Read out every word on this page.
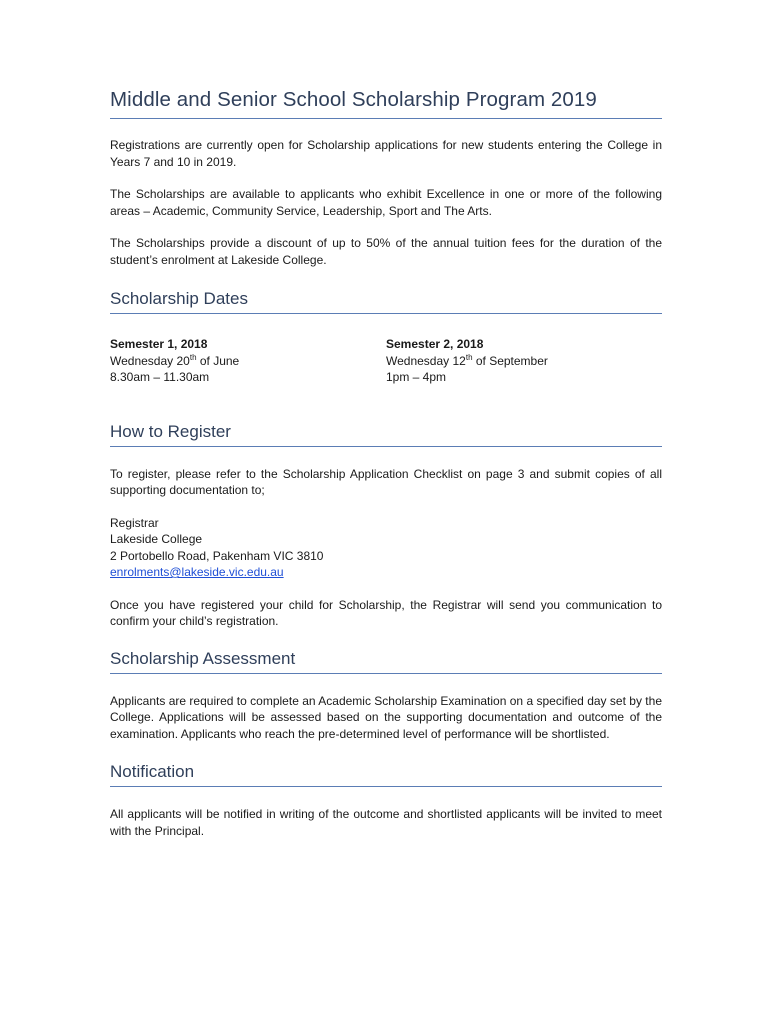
Middle and Senior School Scholarship Program 2019

Registrations are currently open for Scholarship applications for new students entering the College in Years 7 and 10 in 2019.

The Scholarships are available to applicants who exhibit Excellence in one or more of the following areas – Academic, Community Service, Leadership, Sport and The Arts.

The Scholarships provide a discount of up to 50% of the annual tuition fees for the duration of the student’s enrolment at Lakeside College.

Scholarship Dates
Semester 1, 2018
Wednesday 20th of June
8.30am – 11.30am
Semester 2, 2018
Wednesday 12th of September
1pm – 4pm
How to Register

To register, please refer to the Scholarship Application Checklist on page 3 and submit copies of all supporting documentation to;

Registrar
Lakeside College
2 Portobello Road, Pakenham VIC 3810
enrolments@lakeside.vic.edu.au

Once you have registered your child for Scholarship, the Registrar will send you communication to confirm your child’s registration.

Scholarship Assessment

Applicants are required to complete an Academic Scholarship Examination on a specified day set by the College. Applications will be assessed based on the supporting documentation and outcome of the examination. Applicants who reach the pre-determined level of performance will be shortlisted.

Notification

All applicants will be notified in writing of the outcome and shortlisted applicants will be invited to meet with the Principal.
